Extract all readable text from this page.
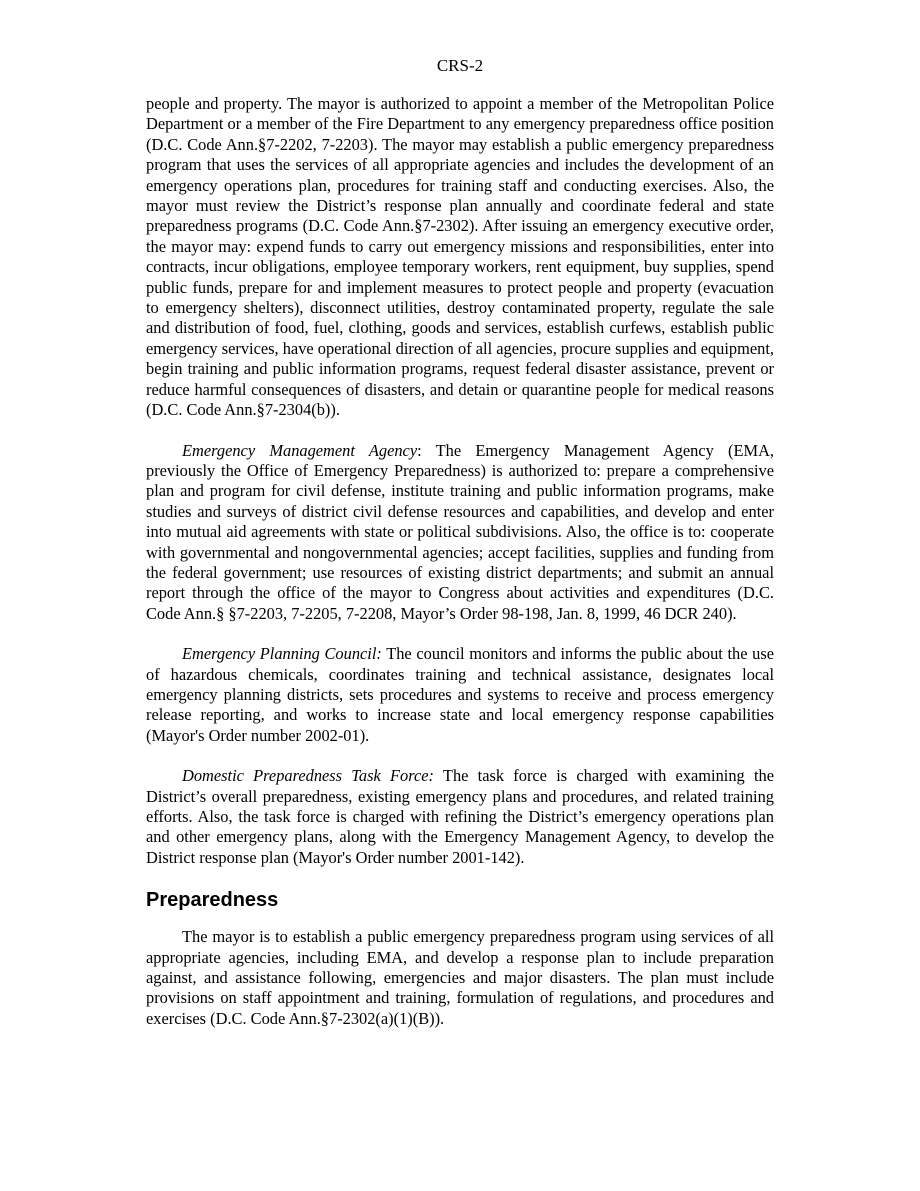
CRS-2

people and property. The mayor is authorized to appoint a member of the Metropolitan Police Department or a member of the Fire Department to any emergency preparedness office position (D.C. Code Ann.§7-2202, 7-2203). The mayor may establish a public emergency preparedness program that uses the services of all appropriate agencies and includes the development of an emergency operations plan, procedures for training staff and conducting exercises. Also, the mayor must review the District’s response plan annually and coordinate federal and state preparedness programs (D.C. Code Ann.§7-2302). After issuing an emergency executive order, the mayor may: expend funds to carry out emergency missions and responsibilities, enter into contracts, incur obligations, employee temporary workers, rent equipment, buy supplies, spend public funds, prepare for and implement measures to protect people and property (evacuation to emergency shelters), disconnect utilities, destroy contaminated property, regulate the sale and distribution of food, fuel, clothing, goods and services, establish curfews, establish public emergency services, have operational direction of all agencies, procure supplies and equipment, begin training and public information programs, request federal disaster assistance, prevent or reduce harmful consequences of disasters, and detain or quarantine people for medical reasons (D.C. Code Ann.§7-2304(b)).

Emergency Management Agency: The Emergency Management Agency (EMA, previously the Office of Emergency Preparedness) is authorized to: prepare a comprehensive plan and program for civil defense, institute training and public information programs, make studies and surveys of district civil defense resources and capabilities, and develop and enter into mutual aid agreements with state or political subdivisions. Also, the office is to: cooperate with governmental and nongovernmental agencies; accept facilities, supplies and funding from the federal government; use resources of existing district departments; and submit an annual report through the office of the mayor to Congress about activities and expenditures (D.C. Code Ann.§ §7-2203, 7-2205, 7-2208, Mayor’s Order 98-198, Jan. 8, 1999, 46 DCR 240).

Emergency Planning Council: The council monitors and informs the public about the use of hazardous chemicals, coordinates training and technical assistance, designates local emergency planning districts, sets procedures and systems to receive and process emergency release reporting, and works to increase state and local emergency response capabilities (Mayor's Order number 2002-01).

Domestic Preparedness Task Force: The task force is charged with examining the District’s overall preparedness, existing emergency plans and procedures, and related training efforts. Also, the task force is charged with refining the District’s emergency operations plan and other emergency plans, along with the Emergency Management Agency, to develop the District response plan (Mayor's Order number 2001-142).

Preparedness

The mayor is to establish a public emergency preparedness program using services of all appropriate agencies, including EMA, and develop a response plan to include preparation against, and assistance following, emergencies and major disasters. The plan must include provisions on staff appointment and training, formulation of regulations, and procedures and exercises (D.C. Code Ann.§7-2302(a)(1)(B)).
